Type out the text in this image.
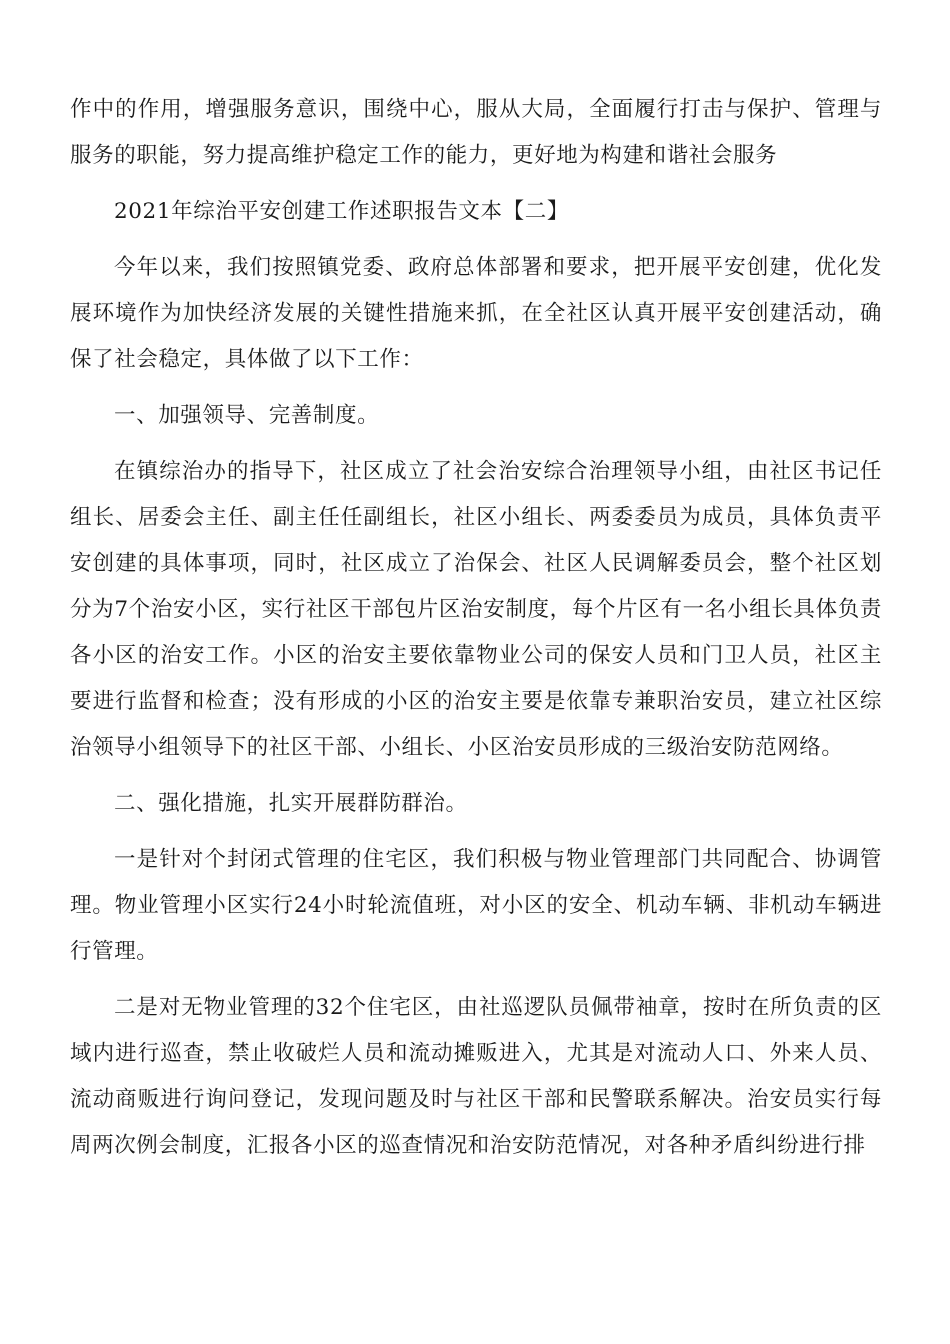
作中的作用，增强服务意识，围绕中心，服从大局，全面履行打击与保护、管理与服务的职能，努力提高维护稳定工作的能力，更好地为构建和谐社会服务

2021年综治平安创建工作述职报告文本【二】

今年以来，我们按照镇党委、政府总体部署和要求，把开展平安创建，优化发展环境作为加快经济发展的关键性措施来抓，在全社区认真开展平安创建活动，确保了社会稳定，具体做了以下工作：

一、加强领导、完善制度。

在镇综治办的指导下，社区成立了社会治安综合治理领导小组，由社区书记任组长、居委会主任、副主任任副组长，社区小组长、两委委员为成员，具体负责平安创建的具体事项，同时，社区成立了治保会、社区人民调解委员会，整个社区划分为7个治安小区，实行社区干部包片区治安制度，每个片区有一名小组长具体负责各小区的治安工作。小区的治安主要依靠物业公司的保安人员和门卫人员，社区主要进行监督和检查；没有形成的小区的治安主要是依靠专兼职治安员，建立社区综治领导小组领导下的社区干部、小组长、小区治安员形成的三级治安防范网络。

二、强化措施，扎实开展群防群治。

一是针对个封闭式管理的住宅区，我们积极与物业管理部门共同配合、协调管理。物业管理小区实行24小时轮流值班，对小区的安全、机动车辆、非机动车辆进行管理。

二是对无物业管理的32个住宅区，由社巡逻队员佩带袖章，按时在所负责的区域内进行巡查，禁止收破烂人员和流动摊贩进入，尤其是对流动人口、外来人员、流动商贩进行询问登记，发现问题及时与社区干部和民警联系解决。治安员实行每周两次例会制度，汇报各小区的巡查情况和治安防范情况，对各种矛盾纠纷进行排
